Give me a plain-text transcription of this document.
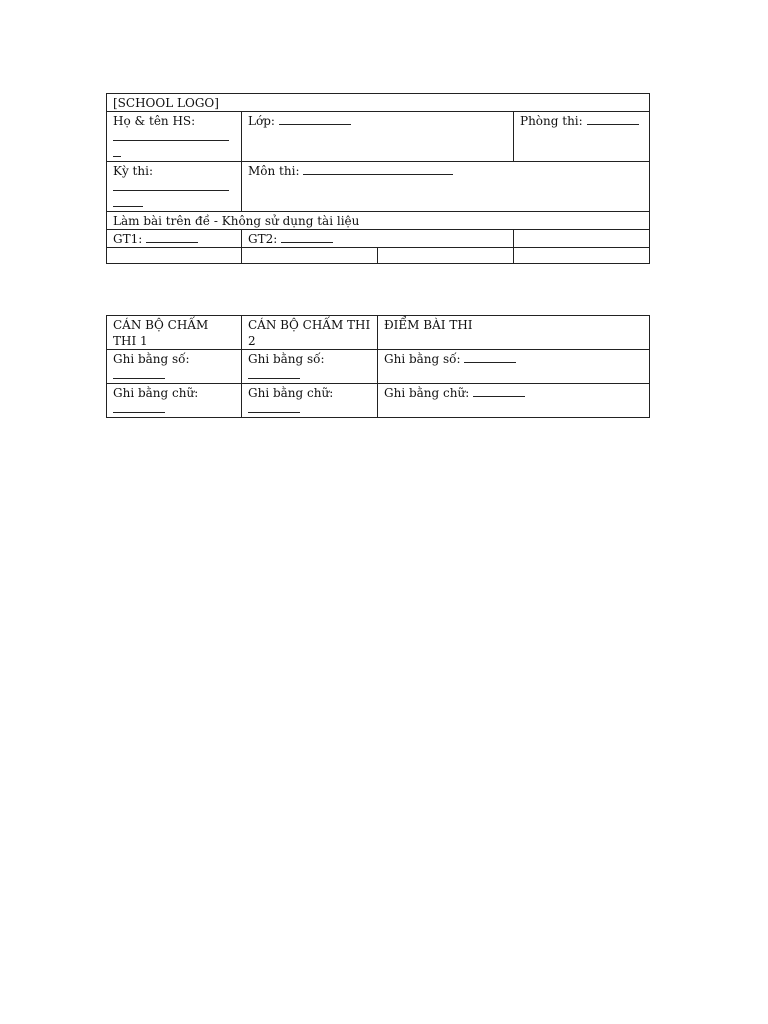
[SCHOOL LOGO]			
Họ & tên HS:	Lớp:		Phòng thi:
Kỳ thi:	Môn thi:		
Làm bài trên đề - Không sử dụng tài liệu			
GT1:	GT2:		

CÁN BỘ CHẤM THI 1	CÁN BỘ CHẤM THI 2	ĐIỂM BÀI THI
Ghi bằng số:	Ghi bằng số:	Ghi bằng số:
Ghi bằng chữ:	Ghi bằng chữ:	Ghi bằng chữ:
